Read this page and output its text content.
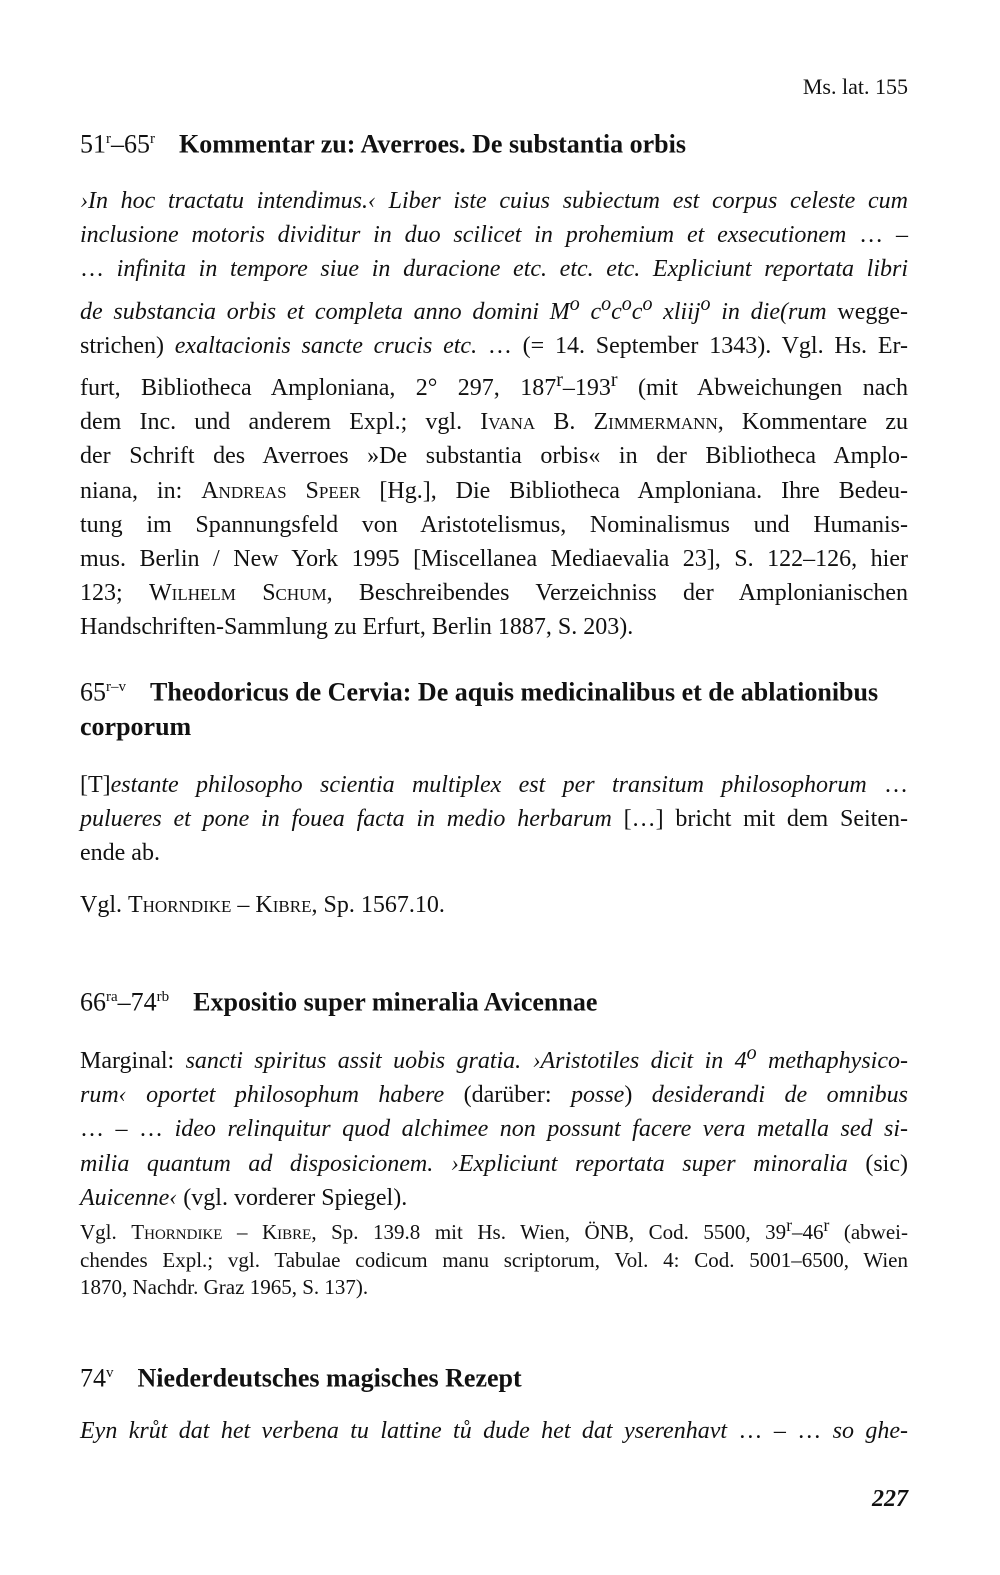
Ms. lat. 155
51$^r$–65$^r$ Kommentar zu: Averroes. De substantia orbis
›In hoc tractatu intendimus.‹ Liber iste cuius subiectum est corpus celeste cum
inclusione motoris dividitur in duo scilicet in prohemium et exsecutionem … –
… infinita in tempore siue in duracione etc. etc. etc. Expliciunt reportata libri
de substancia orbis et completa anno domini $M^o$ $c^oc^oc^o$ xliij$^o$ in die(rum wegge-
strichen) exaltacionis sancte crucis etc. … (= 14. September 1343). Vgl. Hs. Er-
furt, Bibliotheca Amploniana, 2° 297, 187$^r$–193$^r$ (mit Abweichungen nach
dem Inc. und anderem Expl.; vgl. Ivana B. Zimmermann, Kommentare zu
der Schrift des Averroes »De substantia orbis« in der Bibliotheca Amplo-
niana, in: Andreas Speer [Hg.], Die Bibliotheca Amploniana. Ihre Bedeu-
tung im Spannungsfeld von Aristotelismus, Nominalismus und Humanis-
mus. Berlin / New York 1995 [Miscellanea Mediaevalia 23], S. 122–126, hier
123; Wilhelm Schum, Beschreibendes Verzeichniss der Amplonianischen
Handschriften-Sammlung zu Erfurt, Berlin 1887, S. 203).
65$^{r-v}$ Theodoricus de Cervia: De aquis medicinalibus et de ablationibus corporum
[T]estante philosopho scientia multiplex est per transitum philosophorum …
pulueres et pone in fouea facta in medio herbarum […] bricht mit dem Seiten-
ende ab.
Vgl. Thorndike – Kibre, Sp. 1567.10.
$66^{ra}-74^{rb}$ Expositio super mineralia Avicennae
Marginal: sancti spiritus assit uobis gratia. ›Aristotiles dicit in 4$^o$ methaphysico-
rum‹ oportet philosophum habere (darüber: posse) desiderandi de omnibus
… – … ideo relinquitur quod alchimee non possunt facere vera metalla sed si-
milia quantum ad disposicionem. ›Expliciunt reportata super minoralia (sic)
Auicenne‹ (vgl. vorderer Spiegel).
Vgl. Thorndike – Kibre, Sp. 139.8 mit Hs. Wien, ÖNB, Cod. 5500, 39$^r$–46$^r$ (abwei-
chendes Expl.; vgl. Tabulae codicum manu scriptorum, Vol. 4: Cod. 5001–6500, Wien
1870, Nachdr. Graz 1965, S. 137).
74$^v$ Niederdeutsches magisches Rezept
Eyn krůt dat het verbena tu lattine tů dude het dat yserenhavt … – … so ghe-
227
